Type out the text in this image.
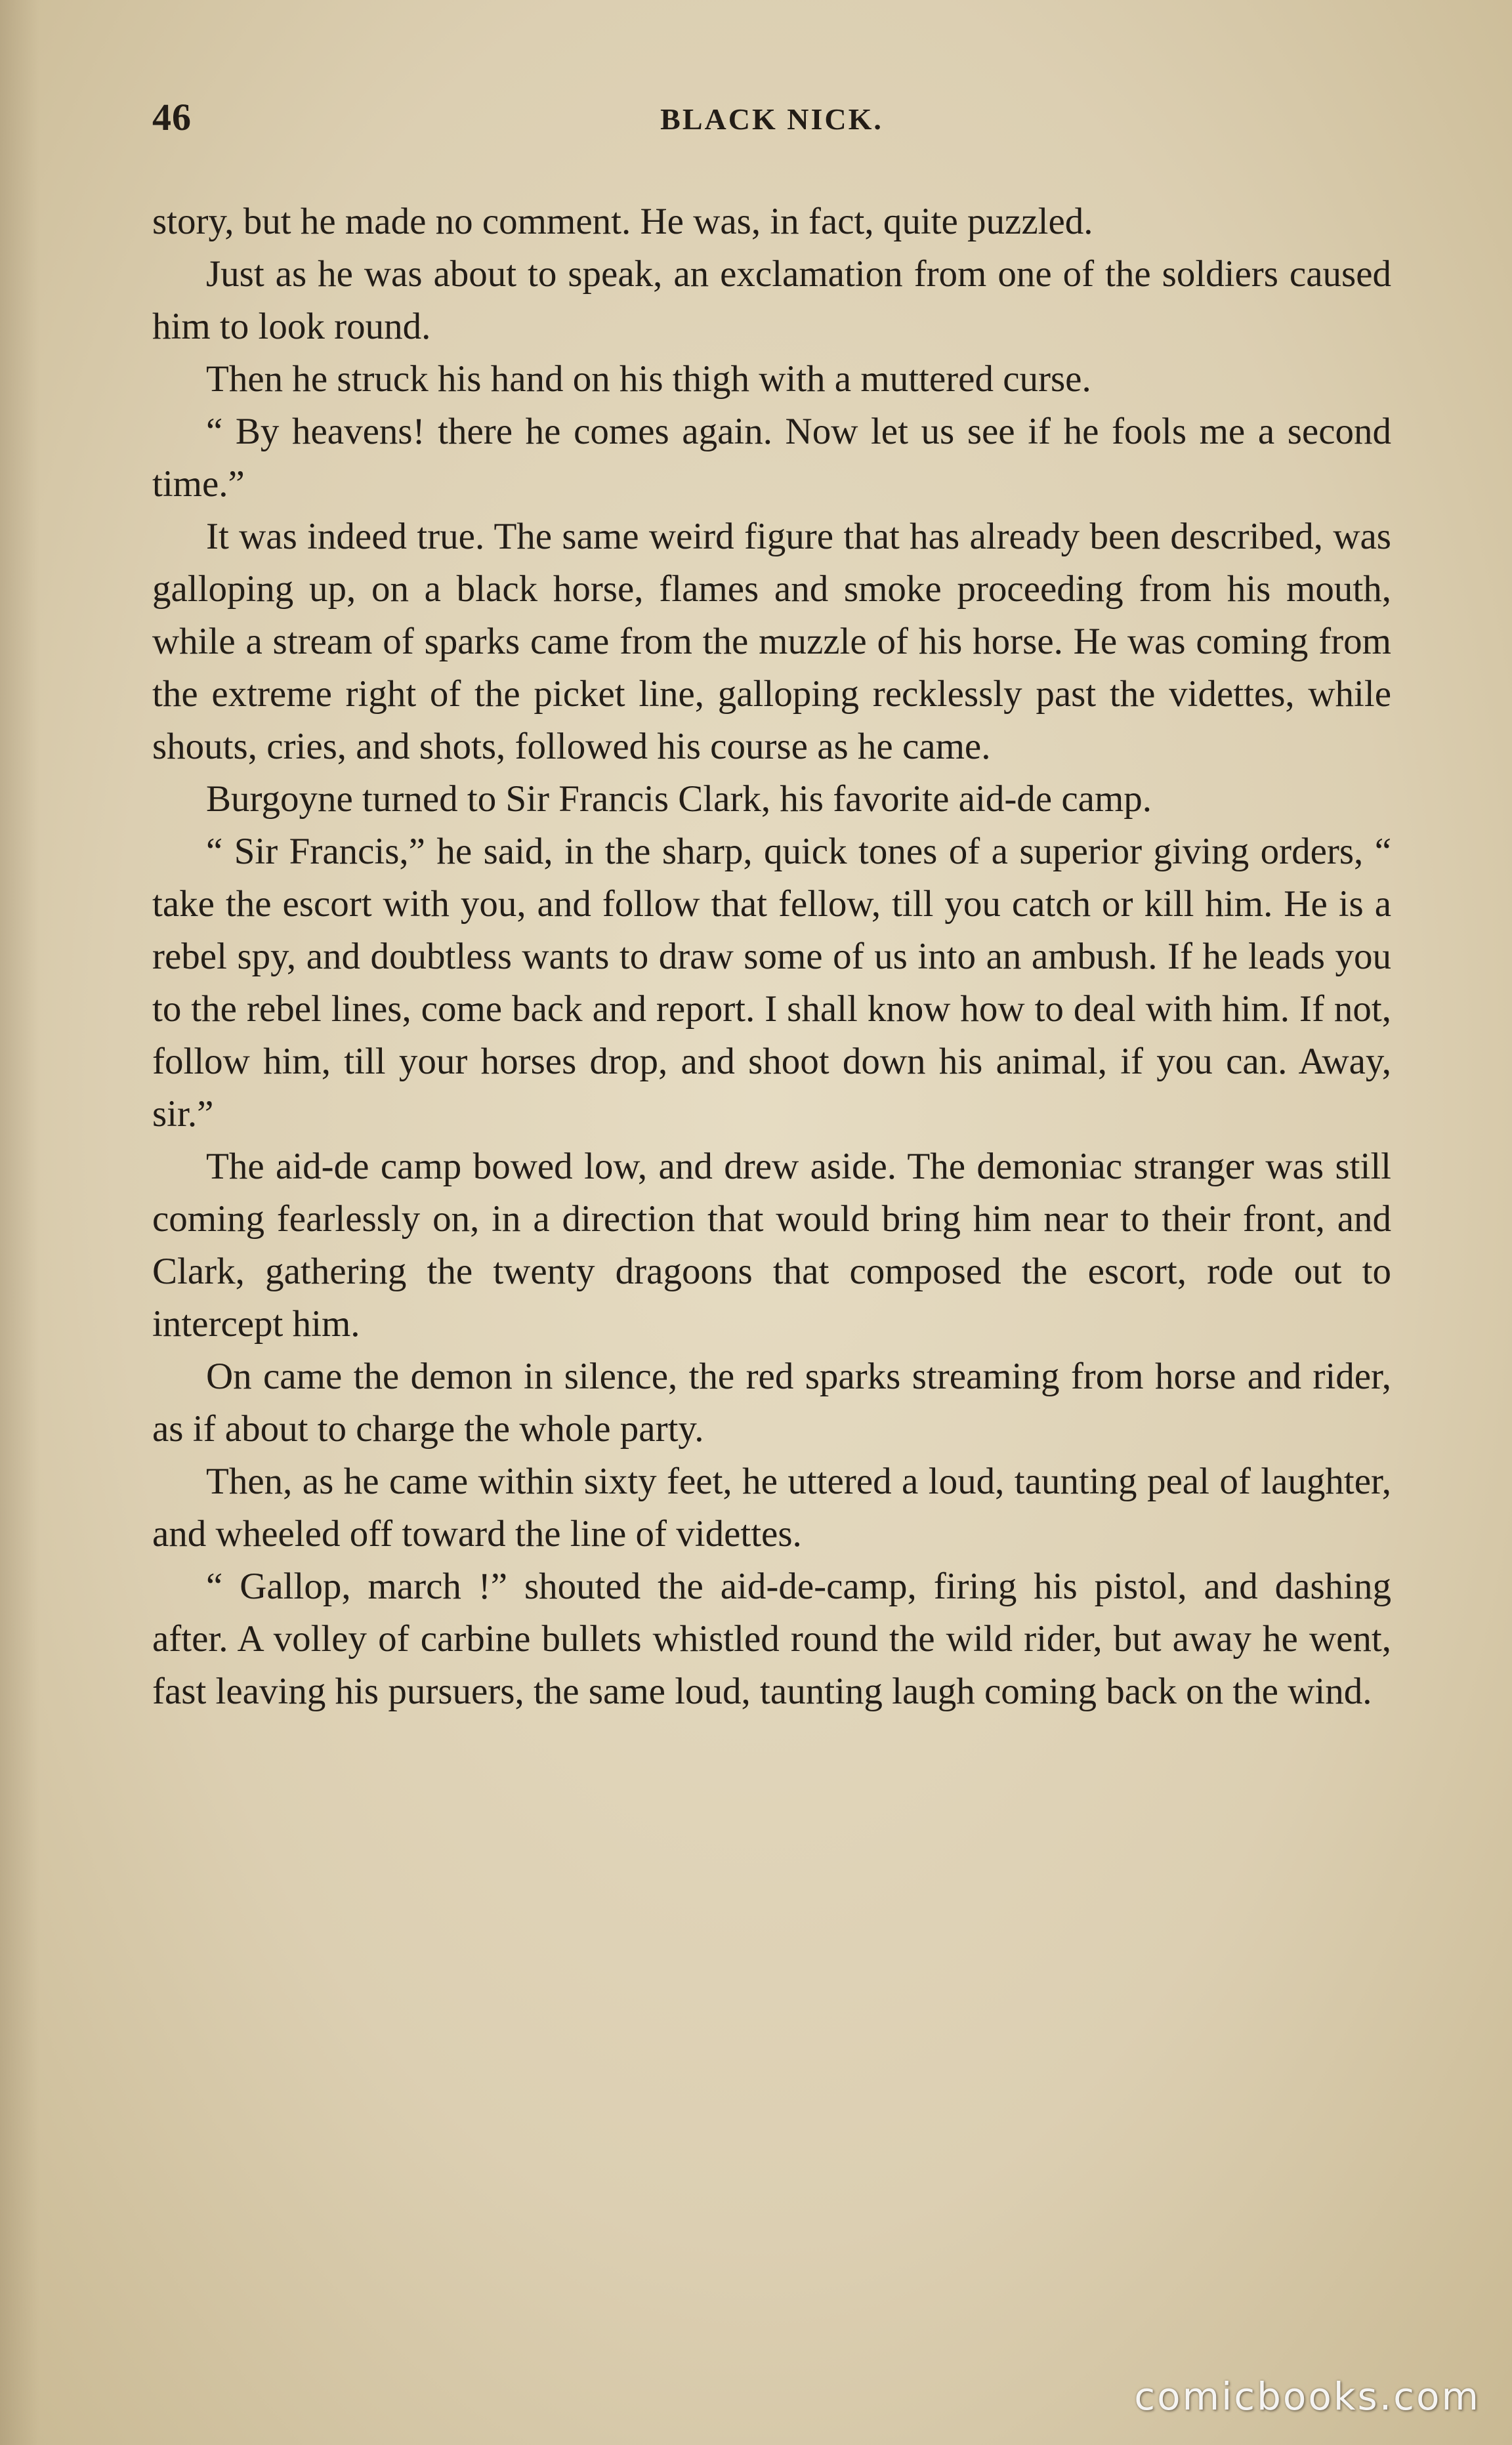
46	BLACK NICK.

story, but he made no comment. He was, in fact, quite puzzled.

Just as he was about to speak, an exclamation from one of the soldiers caused him to look round.

Then he struck his hand on his thigh with a muttered curse.

“ By heavens! there he comes again. Now let us see if he fools me a second time.”

It was indeed true. The same weird figure that has already been described, was galloping up, on a black horse, flames and smoke proceeding from his mouth, while a stream of sparks came from the muzzle of his horse. He was coming from the extreme right of the picket line, galloping recklessly past the videttes, while shouts, cries, and shots, followed his course as he came.

Burgoyne turned to Sir Francis Clark, his favorite aid-de camp.

“ Sir Francis,” he said, in the sharp, quick tones of a superior giving orders, “ take the escort with you, and follow that fellow, till you catch or kill him. He is a rebel spy, and doubtless wants to draw some of us into an ambush. If he leads you to the rebel lines, come back and report. I shall know how to deal with him. If not, follow him, till your horses drop, and shoot down his animal, if you can. Away, sir.”

The aid-de camp bowed low, and drew aside. The demoniac stranger was still coming fearlessly on, in a direction that would bring him near to their front, and Clark, gathering the twenty dragoons that composed the escort, rode out to intercept him.

On came the demon in silence, the red sparks streaming from horse and rider, as if about to charge the whole party.

Then, as he came within sixty feet, he uttered a loud, taunting peal of laughter, and wheeled off toward the line of videttes.

“ Gallop, march !” shouted the aid-de-camp, firing his pistol, and dashing after. A volley of carbine bullets whistled round the wild rider, but away he went, fast leaving his pursuers, the same loud, taunting laugh coming back on the wind.

comicbooks.com
